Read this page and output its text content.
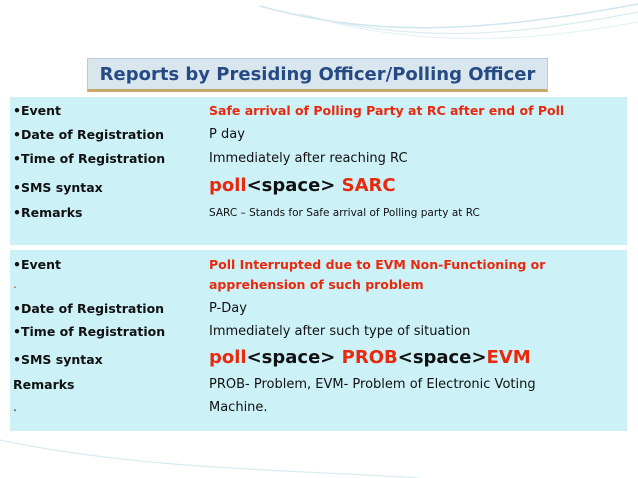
Reports by Presiding Officer/Polling Officer
•Event	Safe arrival of Polling Party at RC after end of Poll
•Date of Registration	P day
•Time of Registration	Immediately after reaching RC
•SMS syntax	poll<space> SARC
•Remarks	SARC – Stands for Safe arrival of Polling party at RC
•Event	Poll Interrupted due to EVM Non-Functioning or
.	apprehension of such problem
•Date of Registration	P-Day
•Time of Registration	Immediately after such type of situation
•SMS syntax	poll<space> PROB<space>EVM
Remarks	PROB- Problem, EVM- Problem of Electronic Voting
.	Machine.
